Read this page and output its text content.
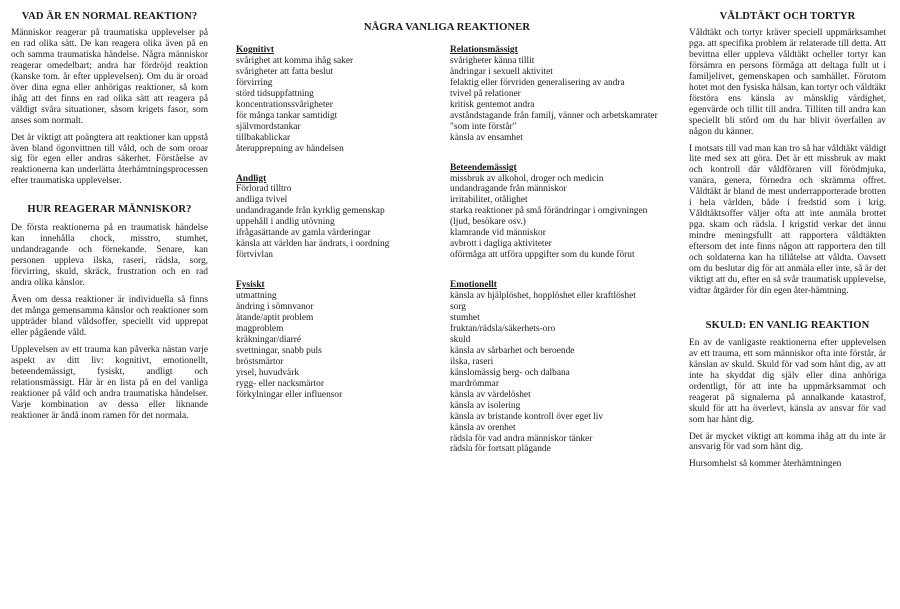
VAD ÄR EN NORMAL REAKTION?

Människor reagerar på traumatiska upplevelser på en rad olika sätt. De kan reagera olika även på en och samma traumatiska händelse. Några människor reagerar omedelbart; andra har fördröjd reaktion (kanske tom. år efter upplevelsen). Om du är oroad över dina egna eller anhörigas reaktioner, så kom ihåg att det finns en rad olika sätt att reagera på väldigt svåra situationer, såsom krigets fasor, som anses som normalt.

Det är viktigt att poängtera att reaktioner kan uppstå även bland ögonvittnen till våld, och de som oroar sig för egen eller andras säkerhet. Förståelse av reaktionerna kan underlätta återhämtningsprocessen efter traumatiska upplevelser.

HUR REAGERAR MÄNNISKOR?

De första reaktionerna på en traumatisk händelse kan innehålla chock, misstro, stumhet, undandragande och förnekande. Senare, kan personen uppleva ilska, raseri, rädsla, sorg, förvirring, skuld, skräck, frustration och en rad andra olika känslor.

Även om dessa reaktioner är individuella så finns det många gemensamma känslor och reaktioner som uppträder bland våldsoffer, speciellt vid upprepat eller pågående våld.

Upplevelsen av ett trauma kan påverka nästan varje aspekt av ditt liv: kognitivt, emotionellt, beteendemässigt, fysiskt, andligt och relationsmässigt. Här är en lista på en del vanliga reaktioner på våld och andra traumatiska händelser. Varje kombination av dessa eller liknande reaktioner är ändå inom ramen för det normala.

NÅGRA VANLIGA REAKTIONER
Kognitivt
svårighet att komma ihåg saker
svårigheter att fatta beslut
förvirring
störd tidsuppfattning
koncentrationssvårigheter
för många tankar samtidigt
självmordstankar
tillbakablickar
återupprepning av händelsen
Andligt
Förlorad tilltro
andliga tvivel
undandragande från kyrklig gemenskap
uppehåll i andlig utövning
ifrågasättande av gamla värderingar
känsla att världen har ändrats, i oordning
förtvivlan
Fysiskt
utmattning
ändring i sömnvanor
ätande/aptit problem
magproblem
kräkningar/diarré
svettningar, snabb puls
bröstsmärtor
yrsel, huvudvärk
rygg- eller nacksmärtor
förkylningar eller influensor
Relationsmässigt
svårigheter känna tillit
ändringar i sexuell aktivitet
felaktig eller förvriden generalisering av andra
tvivel på relationer
kritisk gentemot andra
avståndstagande från familj, vänner och arbetskamrater "som inte förstår"
känsla av ensamhet
Beteendemässigt
missbruk av alkohol, droger och medicin
undandragande från människor
irritabilitet, otålighet
starka reaktioner på små förändringar i omgivningen (ljud, besökare osv.)
klamrande vid människor
avbrott i dagliga aktiviteter
oförmåga att utföra uppgifter som du kunde förut
Emotionellt
känsla av hjälplöshet, hopplöshet eller kraftlöshet
sorg
stumhet
fruktan/rädsla/säkerhets-oro
skuld
känsla av sårbarhet och beroende
ilska, raseri
känslomässig berg- och dalbana
mardrömmar
känsla av värdelöshet
känsla av isolering
känsla av bristande kontroll över eget liv
känsla av orenhet
rädsla för vad andra människor tänker
rädsla för fortsatt plågande
VÅLDTÄKT OCH TORTYR

Våldtäkt och tortyr kräver speciell uppmärksamhet pga. att specifika problem är relaterade till detta. Att bevittna eller uppleva våldtäkt ocheller tortyr kan försämra en persons förmåga att deltaga fullt ut i familjelivet, gemenskapen och samhället. Förutom hotet mot den fysiska hälsan, kan tortyr och våldtäkt förstöra ens känsla av mänsklig värdighet, egenvärde och tillit till andra. Tilliten till andra kan speciellt bli störd om du har blivit överfallen av någon du känner.

I motsats till vad man kan tro så har våldtäkt väldigt lite med sex att göra. Det är ett missbruk av makt och kontroll där våldföraren vill förödmjuka, vanära, genera, förnedra och skrämma offret. Våldtäkt är bland de mest underrapporterade brotten i hela världen, både i fredstid som i krig. Våldtäktsoffer väljer ofta att inte anmäla brottet pga. skam och rädsla. I krigstid verkar det ännu mindre meningsfullt att rapportera våldtäkten eftersom det inte finns någon att rapportera den till och soldaterna kan ha tillåtelse att våldta. Oavsett om du beslutar dig för att anmäla eller inte, så är det viktigt att du, efter en så svår traumatisk upplevelse, vidtar åtgärder för din egen åter-hämtning.

SKULD: EN VANLIG REAKTION

En av de vanligaste reaktionerna efter upplevelsen av ett trauma, ett som människor ofta inte förstår, är känslan av skuld. Skuld för vad som hänt dig, av att inte ha skyddat dig själv eller dina anhöriga ordentligt, för att inte ha uppmärksammat och reagerat på signalerna på annalkande katastrof, skuld för att ha överlevt, känsla av ansvar för vad som har hänt dig.

Det är mycket viktigt att komma ihåg att du inte är ansvarig för vad som hänt dig.

Hursomhelst så kommer återhämtningen
